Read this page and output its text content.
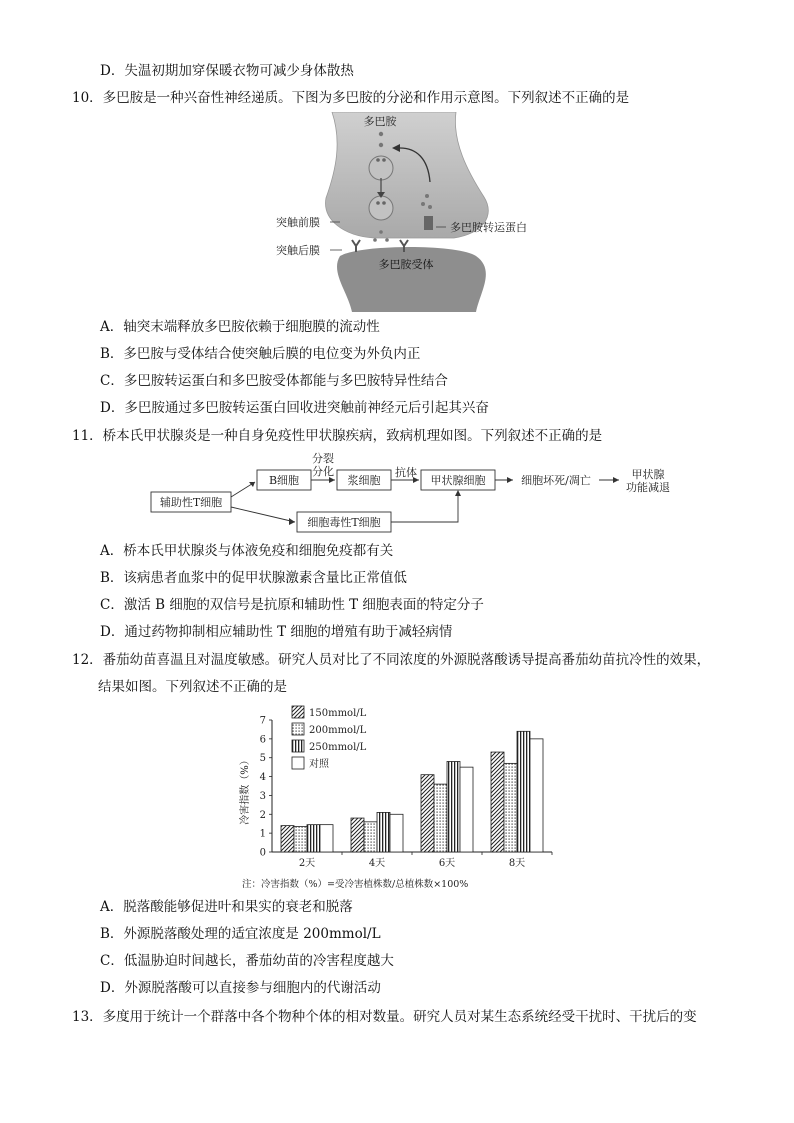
D．失温初期加穿保暖衣物可减少身体散热
10．多巴胺是一种兴奋性神经递质。下图为多巴胺的分泌和作用示意图。下列叙述不正确的是
多巴胺
突触前膜
突触后膜
多巴胺转运蛋白
多巴胺受体
A．轴突末端释放多巴胺依赖于细胞膜的流动性
B．多巴胺与受体结合使突触后膜的电位变为外负内正
C．多巴胺转运蛋白和多巴胺受体都能与多巴胺特异性结合
D．多巴胺通过多巴胺转运蛋白回收进突触前神经元后引起其兴奋
11．桥本氏甲状腺炎是一种自身免疫性甲状腺疾病，致病机理如图。下列叙述不正确的是
辅助性T细胞
B细胞
分裂
分化
浆细胞
抗体
甲状腺细胞	细胞坏死/凋亡	甲状腺
功能减退
细胞毒性T细胞
A．桥本氏甲状腺炎与体液免疫和细胞免疫都有关
B．该病患者血浆中的促甲状腺激素含量比正常值低
C．激活 B 细胞的双信号是抗原和辅助性 T 细胞表面的特定分子
D．通过药物抑制相应辅助性 T 细胞的增殖有助于减轻病情
12．番茄幼苗喜温且对温度敏感。研究人员对比了不同浓度的外源脱落酸诱导提高番茄幼苗抗冷性的效果，
结果如图。下列叙述不正确的是
0
1
2
3
4
5
6
7
2天	4天	6天	8天
150mmol/L
200mmol/L
250mmol/L
对照
冷害指数（%）
注：冷害指数（%）=受冷害植株数/总植株数×100%
A．脱落酸能够促进叶和果实的衰老和脱落
B．外源脱落酸处理的适宜浓度是 200mmol/L
C．低温胁迫时间越长，番茄幼苗的冷害程度越大
D．外源脱落酸可以直接参与细胞内的代谢活动
13．多度用于统计一个群落中各个物种个体的相对数量。研究人员对某生态系统经受干扰时、干扰后的变
